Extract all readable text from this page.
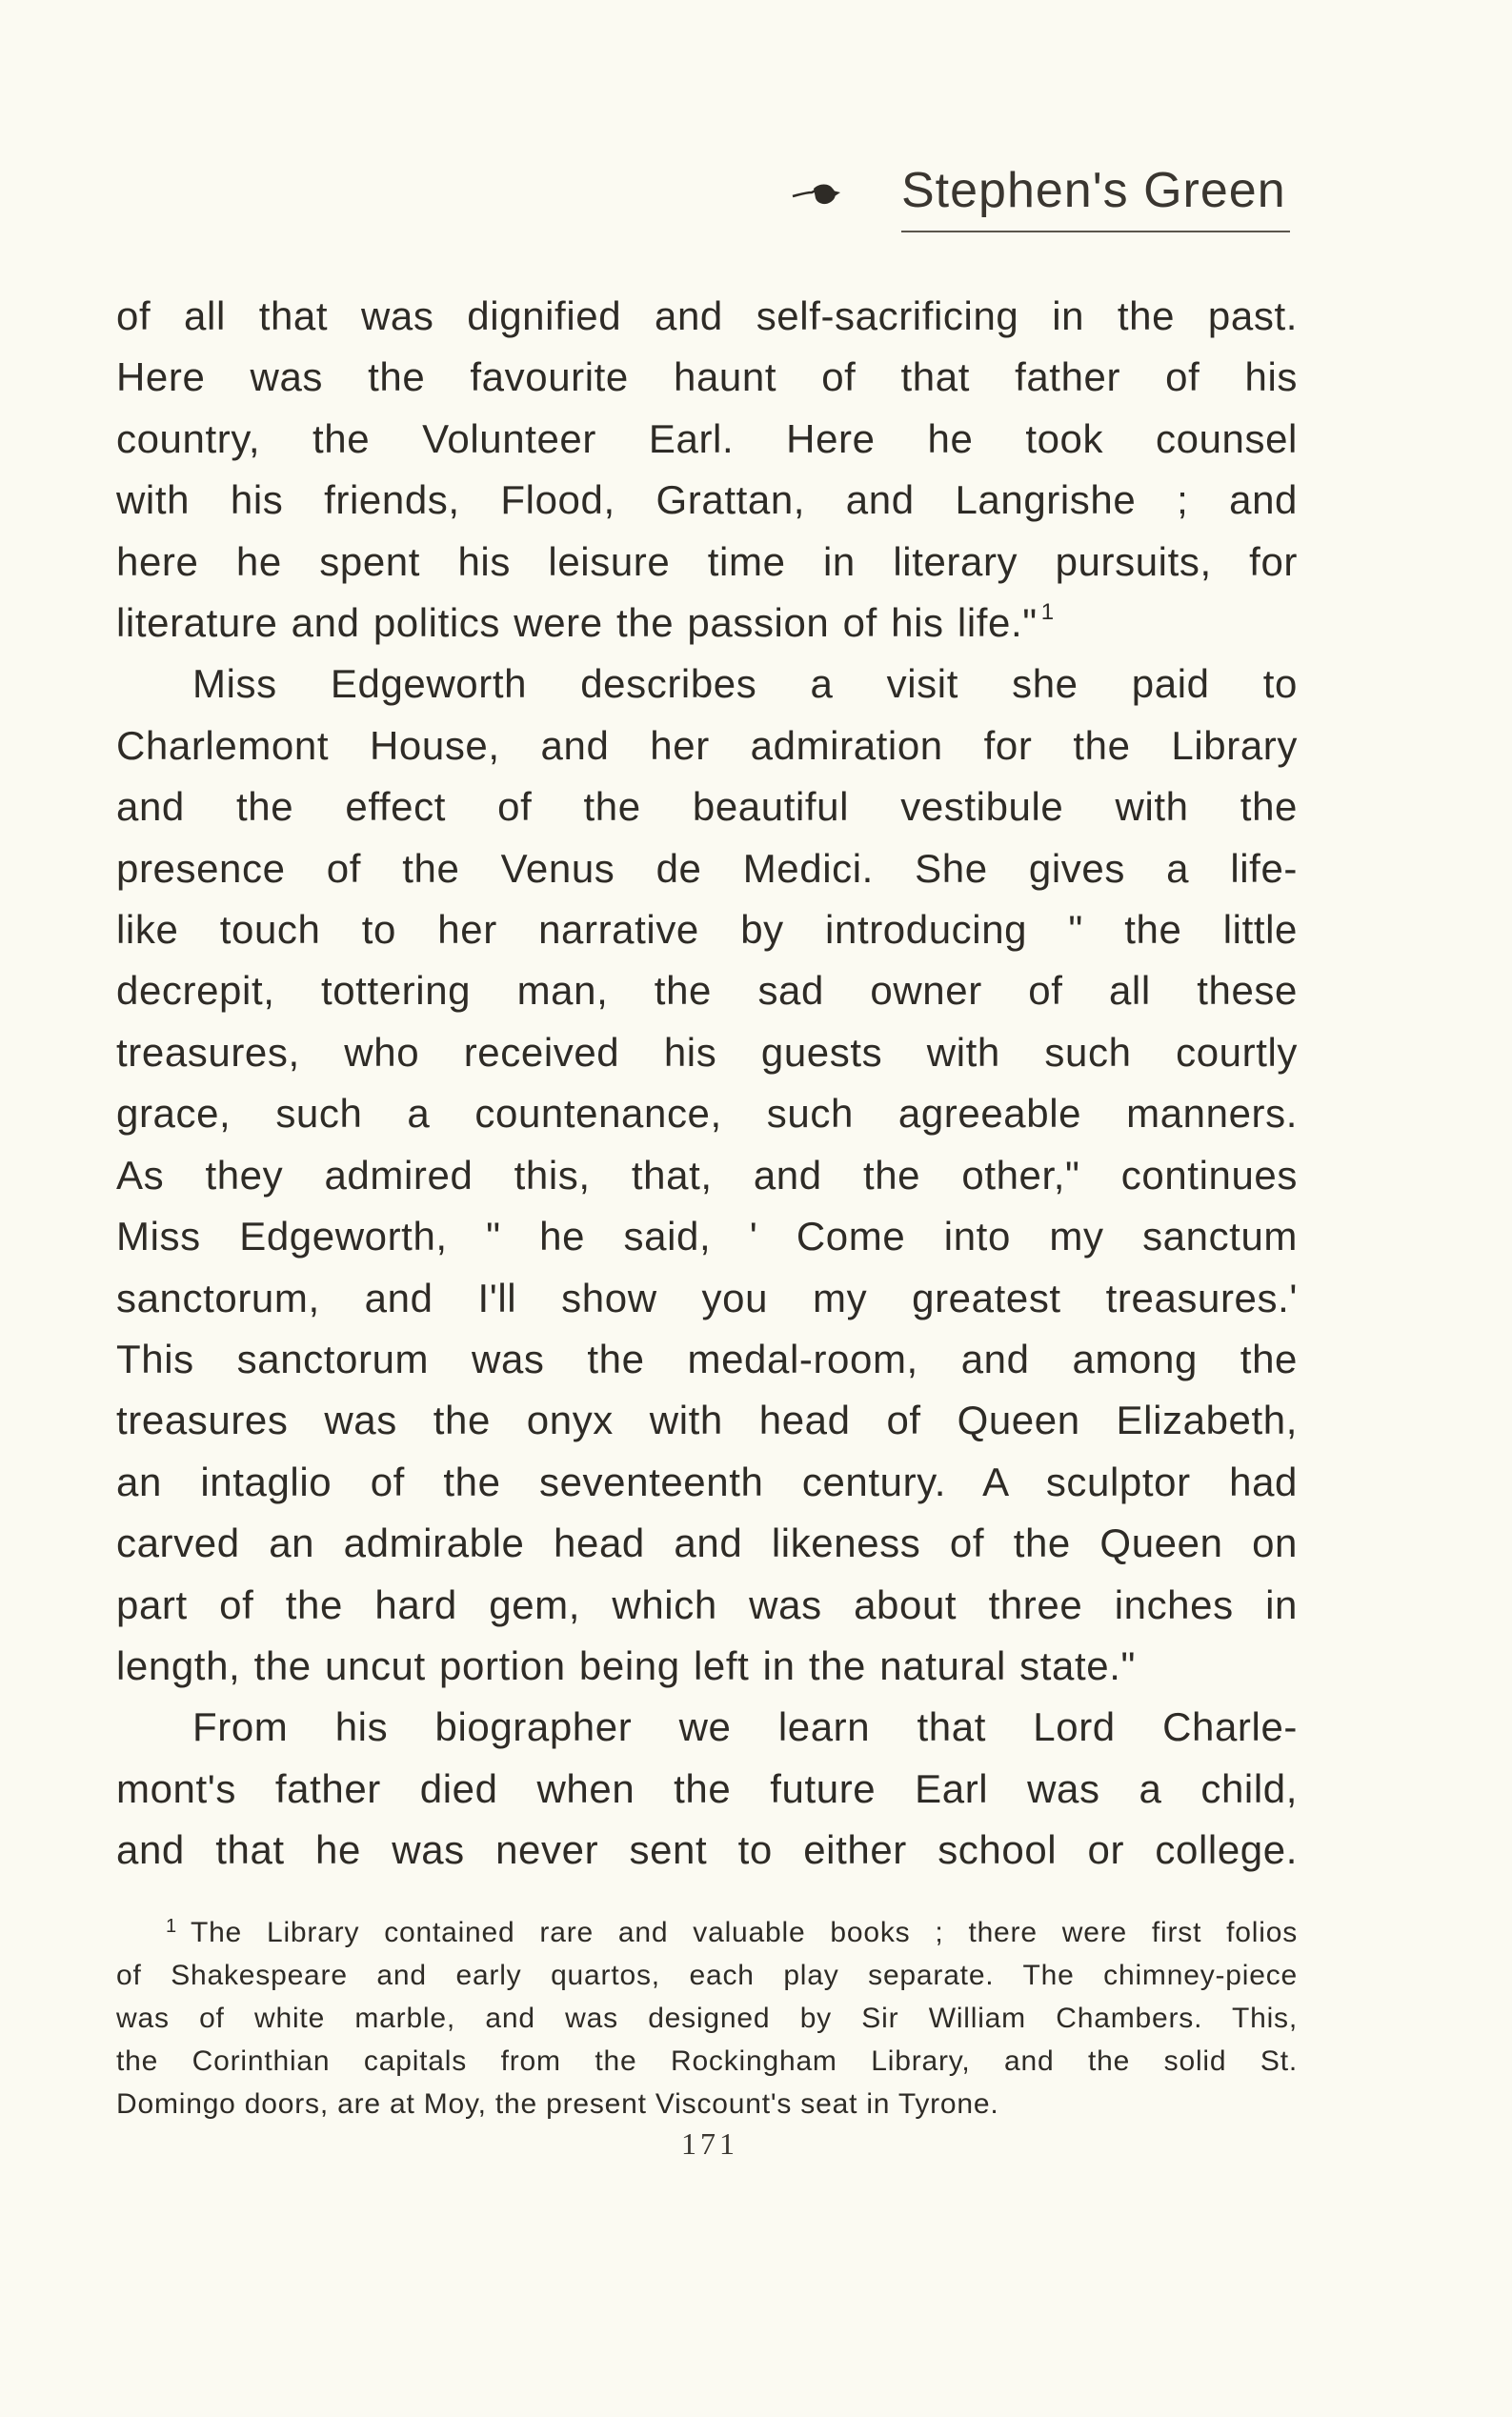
Stephen's Green

of all that was dignified and self-sacrificing in the past.
Here was the favourite haunt of that father of his
country, the Volunteer Earl. Here he took counsel
with his friends, Flood, Grattan, and Langrishe ; and
here he spent his leisure time in literary pursuits, for
literature and politics were the passion of his life." $^1$

Miss Edgeworth describes a visit she paid to
Charlemont House, and her admiration for the Library
and the effect of the beautiful vestibule with the
presence of the Venus de Medici. She gives a life-
like touch to her narrative by introducing " the little
decrepit, tottering man, the sad owner of all these
treasures, who received his guests with such courtly
grace, such a countenance, such agreeable manners.
As they admired this, that, and the other," continues
Miss Edgeworth, " he said, ' Come into my sanctum
sanctorum, and I'll show you my greatest treasures.'
This sanctorum was the medal-room, and among the
treasures was the onyx with head of Queen Elizabeth,
an intaglio of the seventeenth century. A sculptor had
carved an admirable head and likeness of the Queen on
part of the hard gem, which was about three inches in
length, the uncut portion being left in the natural state."

From his biographer we learn that Lord Charle-
mont's father died when the future Earl was a child,
and that he was never sent to either school or college.

$^1$ The Library contained rare and valuable books ; there were first folios
of Shakespeare and early quartos, each play separate. The chimney-piece
was of white marble, and was designed by Sir William Chambers. This,
the Corinthian capitals from the Rockingham Library, and the solid St.
Domingo doors, are at Moy, the present Viscount's seat in Tyrone.

171
